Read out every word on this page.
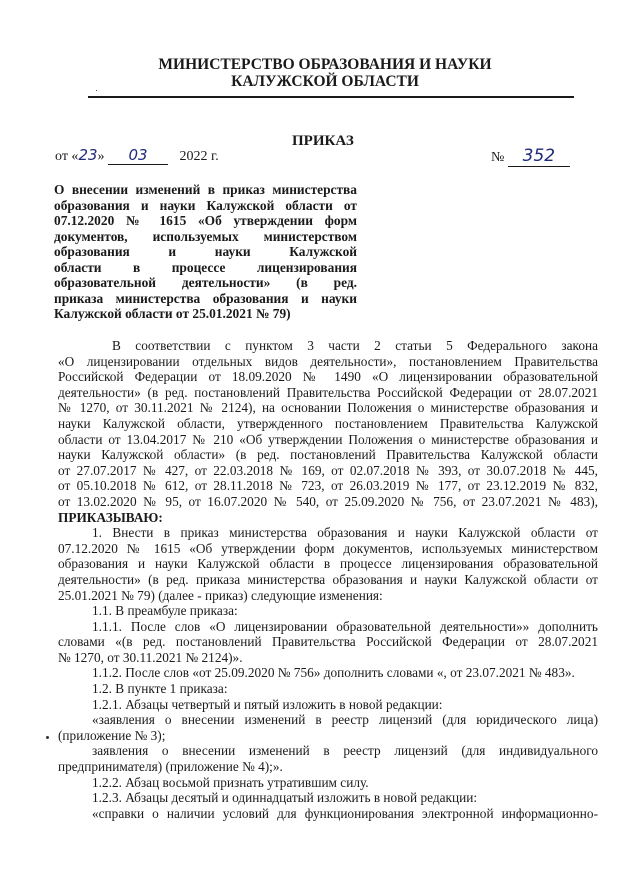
МИНИСТЕРСТВО ОБРАЗОВАНИЯ И НАУКИ
КАЛУЖСКОЙ ОБЛАСТИ
ПРИКАЗ
от «23» 03 2022 г.	№ 352
О внесении изменений в приказ министерства
образования и науки Калужской области от
07.12.2020 № 1615 «Об утверждении форм
документов, используемых министерством
образования и науки Калужской
области в процессе лицензирования
образовательной деятельности» (в ред.
приказа министерства образования и науки
Калужской области от 25.01.2021 № 79)
В соответствии с пунктом 3 части 2 статьи 5 Федерального закона
«О лицензировании отдельных видов деятельности», постановлением Правительства
Российской Федерации от 18.09.2020 № 1490 «О лицензировании образовательной
деятельности» (в ред. постановлений Правительства Российской Федерации от 28.07.2021
№ 1270, от 30.11.2021 № 2124), на основании Положения о министерстве образования и
науки Калужской области, утвержденного постановлением Правительства Калужской
области от 13.04.2017 № 210 «Об утверждении Положения о министерстве образования и
науки Калужской области» (в ред. постановлений Правительства Калужской области
от 27.07.2017 № 427, от 22.03.2018 № 169, от 02.07.2018 № 393, от 30.07.2018 № 445,
от 05.10.2018 № 612, от 28.11.2018 № 723, от 26.03.2019 № 177, от 23.12.2019 № 832,
от 13.02.2020 № 95, от 16.07.2020 № 540, от 25.09.2020 № 756, от 23.07.2021 № 483),
ПРИКАЗЫВАЮ:
1. Внести в приказ министерства образования и науки Калужской области от
07.12.2020 № 1615 «Об утверждении форм документов, используемых министерством
образования и науки Калужской области в процессе лицензирования образовательной
деятельности» (в ред. приказа министерства образования и науки Калужской области от
25.01.2021 № 79) (далее - приказ) следующие изменения:
1.1. В преамбуле приказа:
1.1.1. После слов «О лицензировании образовательной деятельности»» дополнить
словами «(в ред. постановлений Правительства Российской Федерации от 28.07.2021
№ 1270, от 30.11.2021 № 2124)».
1.1.2. После слов «от 25.09.2020 № 756» дополнить словами «, от 23.07.2021 № 483».
1.2. В пункте 1 приказа:
1.2.1. Абзацы четвертый и пятый изложить в новой редакции:
«заявления о внесении изменений в реестр лицензий (для юридического лица)
(приложение № 3);
заявления о внесении изменений в реестр лицензий (для индивидуального
предпринимателя) (приложение № 4);».
1.2.2. Абзац восьмой признать утратившим силу.
1.2.3. Абзацы десятый и одиннадцатый изложить в новой редакции:
«справки о наличии условий для функционирования электронной информационно-
